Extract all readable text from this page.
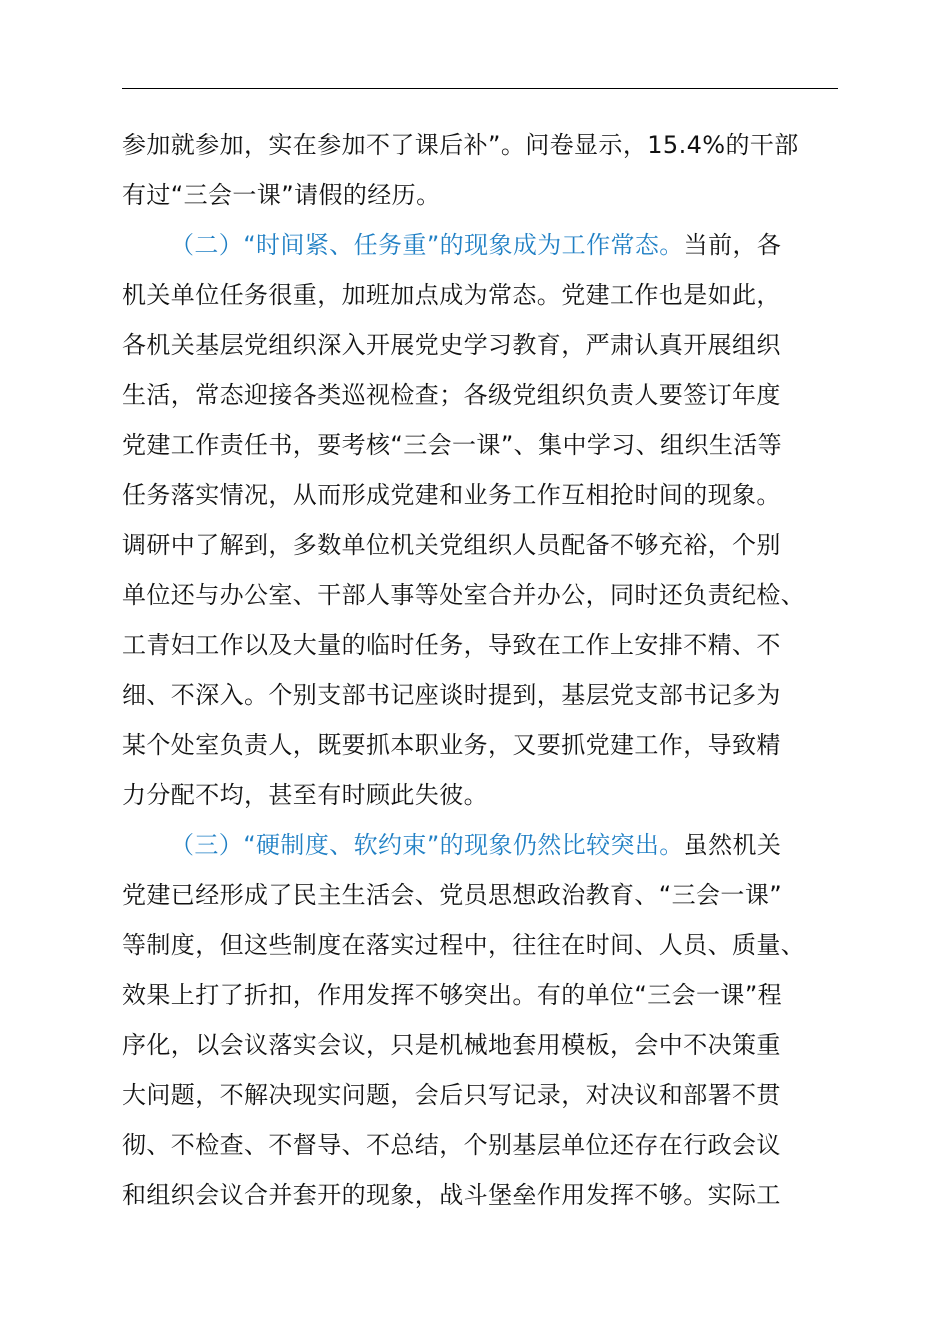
参加就参加，实在参加不了课后补”。问卷显示，15.4%的干部
有过“三会一课”请假的经历。
（二）“时间紧、任务重”的现象成为工作常态。当前，各
机关单位任务很重，加班加点成为常态。党建工作也是如此，
各机关基层党组织深入开展党史学习教育，严肃认真开展组织
生活，常态迎接各类巡视检查；各级党组织负责人要签订年度
党建工作责任书，要考核“三会一课”、集中学习、组织生活等
任务落实情况，从而形成党建和业务工作互相抢时间的现象。
调研中了解到，多数单位机关党组织人员配备不够充裕，个别
单位还与办公室、干部人事等处室合并办公，同时还负责纪检、
工青妇工作以及大量的临时任务，导致在工作上安排不精、不
细、不深入。个别支部书记座谈时提到，基层党支部书记多为
某个处室负责人，既要抓本职业务，又要抓党建工作，导致精
力分配不均，甚至有时顾此失彼。
（三）“硬制度、软约束”的现象仍然比较突出。虽然机关
党建已经形成了民主生活会、党员思想政治教育、“三会一课”
等制度，但这些制度在落实过程中，往往在时间、人员、质量、
效果上打了折扣，作用发挥不够突出。有的单位“三会一课”程
序化，以会议落实会议，只是机械地套用模板，会中不决策重
大问题，不解决现实问题，会后只写记录，对决议和部署不贯
彻、不检查、不督导、不总结，个别基层单位还存在行政会议
和组织会议合并套开的现象，战斗堡垒作用发挥不够。实际工
